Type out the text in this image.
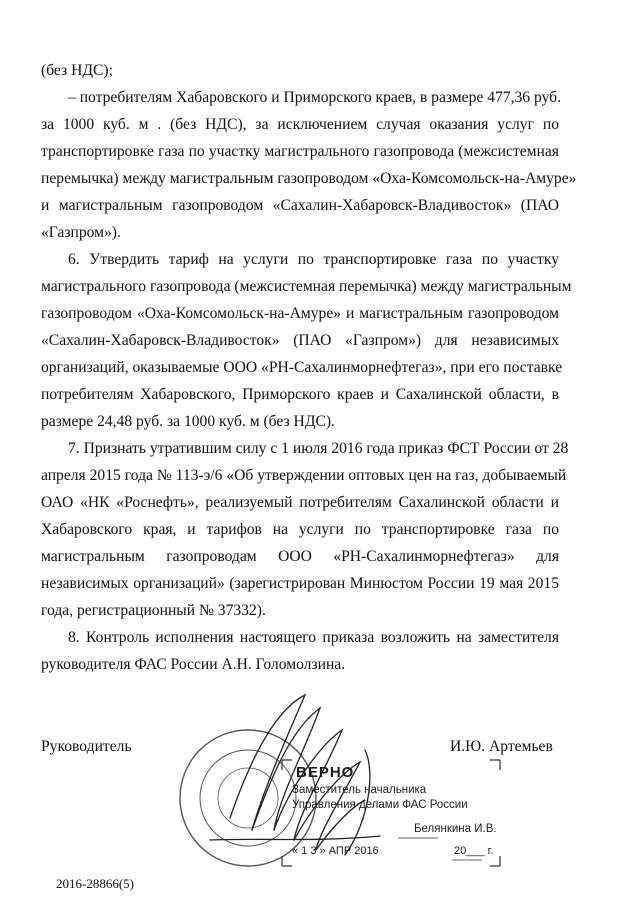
(без НДС);
– потребителям Хабаровского и Приморского краев, в размере 477,36 руб.
за 1000 куб. м . (без НДС), за исключением случая оказания услуг по
транспортировке газа по участку магистрального газопровода (межсистемная
перемычка) между магистральным газопроводом «Оха-Комсомольск-на-Амуре»
и магистральным газопроводом «Сахалин-Хабаровск-Владивосток» (ПАО
«Газпром»).
6. Утвердить тариф на услуги по транспортировке газа по участку
магистрального газопровода (межсистемная перемычка) между магистральным
газопроводом «Оха-Комсомольск-на-Амуре» и магистральным газопроводом
«Сахалин-Хабаровск-Владивосток» (ПАО «Газпром») для независимых
организаций, оказываемые ООО «РН-Сахалинморнефтегаз», при его поставке
потребителям Хабаровского, Приморского краев и Сахалинской области, в
размере 24,48 руб. за 1000 куб. м (без НДС).
7. Признать утратившим силу с 1 июля 2016 года приказ ФСТ России от 28
апреля 2015 года № 113-э/6 «Об утверждении оптовых цен на газ, добываемый
ОАО «НК «Роснефть», реализуемый потребителям Сахалинской области и
Хабаровского края, и тарифов на услуги по транспортировке газа по
магистральным газопроводам ООО «РН-Сахалинморнефтегаз» для
независимых организаций» (зарегистрирован Минюстом России 19 мая 2015
года, регистрационный № 37332).
8. Контроль исполнения настоящего приказа возложить на заместителя
руководителя ФАС России А.Н. Голомолзина.
Руководитель	И.Ю. Артемьев
ВЕРНО
Заместитель начальника
Управления делами ФАС России
Белянкина И.В.
« 1 3 » АПР 2016	20___ г.
2016-28866(5)
